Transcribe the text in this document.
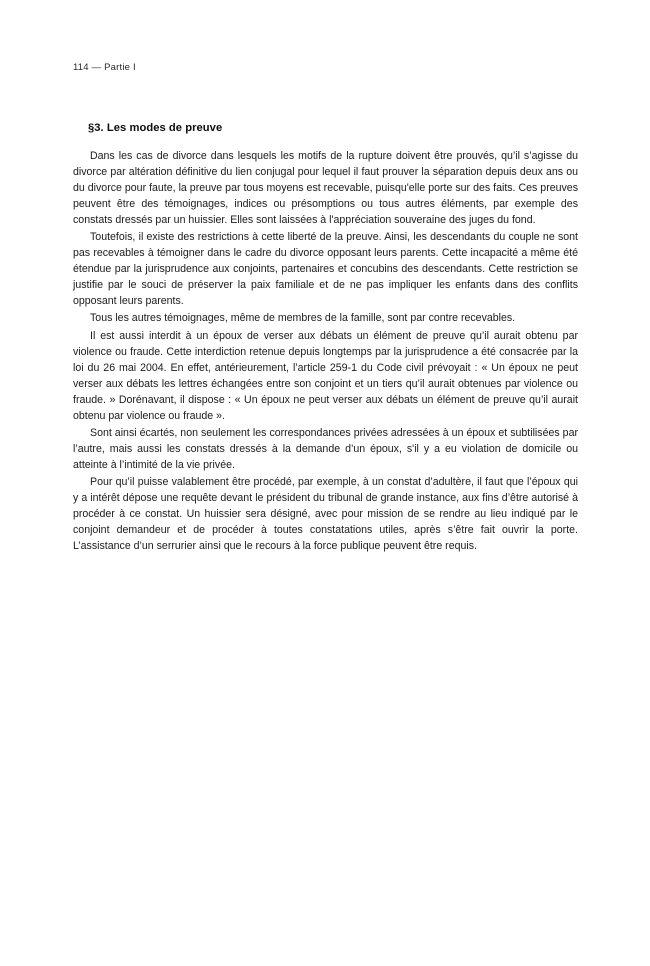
114 — Partie I
§3. Les modes de preuve

Dans les cas de divorce dans lesquels les motifs de la rupture doivent être prouvés, qu’il s’agisse du divorce par altération définitive du lien conjugal pour lequel il faut prouver la séparation depuis deux ans ou du divorce pour faute, la preuve par tous moyens est recevable, puisqu'elle porte sur des faits. Ces preuves peuvent être des témoignages, indices ou présomptions ou tous autres éléments, par exemple des constats dressés par un huissier. Elles sont laissées à l'appréciation souveraine des juges du fond.

Toutefois, il existe des restrictions à cette liberté de la preuve. Ainsi, les descendants du couple ne sont pas recevables à témoigner dans le cadre du divorce opposant leurs parents. Cette incapacité a même été étendue par la jurisprudence aux conjoints, partenaires et concubins des descendants. Cette restriction se justifie par le souci de préserver la paix familiale et de ne pas impliquer les enfants dans des conflits opposant leurs parents.

Tous les autres témoignages, même de membres de la famille, sont par contre recevables.

Il est aussi interdit à un époux de verser aux débats un élément de preuve qu’il aurait obtenu par violence ou fraude. Cette interdiction retenue depuis longtemps par la jurisprudence a été consacrée par la loi du 26 mai 2004. En effet, antérieurement, l’article 259-1 du Code civil prévoyait : « Un époux ne peut verser aux débats les lettres échangées entre son conjoint et un tiers qu’il aurait obtenues par violence ou fraude. » Dorénavant, il dispose : « Un époux ne peut verser aux débats un élément de preuve qu’il aurait obtenu par violence ou fraude ».

Sont ainsi écartés, non seulement les correspondances privées adressées à un époux et subtilisées par l’autre, mais aussi les constats dressés à la demande d’un époux, s'il y a eu violation de domicile ou atteinte à l’intimité de la vie privée.

Pour qu’il puisse valablement être procédé, par exemple, à un constat d’adultère, il faut que l’époux qui y a intérêt dépose une requête devant le président du tribunal de grande instance, aux fins d’être autorisé à procéder à ce constat. Un huissier sera désigné, avec pour mission de se rendre au lieu indiqué par le conjoint demandeur et de procéder à toutes constatations utiles, après s’être fait ouvrir la porte. L’assistance d’un serrurier ainsi que le recours à la force publique peuvent être requis.
